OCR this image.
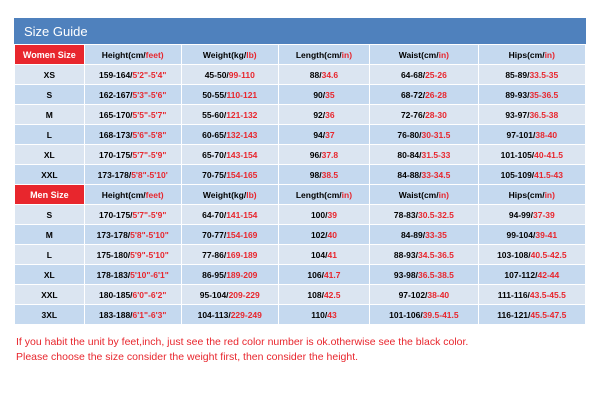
Size Guide
Women Size	Height(cm/feet)	Weight(kg/lb)	Length(cm/in)	Waist(cm/in)	Hips(cm/in)
XS	159-164/5'2"-5'4"	45-50/99-110	88/34.6	64-68/25-26	85-89/33.5-35
S	162-167/5'3"-5'6"	50-55/110-121	90/35	68-72/26-28	89-93/35-36.5
M	165-170/5'5"-5'7"	55-60/121-132	92/36	72-76/28-30	93-97/36.5-38
L	168-173/5'6"-5'8"	60-65/132-143	94/37	76-80/30-31.5	97-101/38-40
XL	170-175/5'7"-5'9"	65-70/143-154	96/37.8	80-84/31.5-33	101-105/40-41.5
XXL	173-178/5'8"-5'10'	70-75/154-165	98/38.5	84-88/33-34.5	105-109/41.5-43
Men Size	Height(cm/feet)	Weight(kg/lb)	Length(cm/in)	Waist(cm/in)	Hips(cm/in)
S	170-175/5'7"-5'9"	64-70/141-154	100/39	78-83/30.5-32.5	94-99/37-39
M	173-178/5'8"-5'10"	70-77/154-169	102/40	84-89/33-35	99-104/39-41
L	175-180/5'9"-5'10"	77-86/169-189	104/41	88-93/34.5-36.5	103-108/40.5-42.5
XL	178-183/5'10"-6'1"	86-95/189-209	106/41.7	93-98/36.5-38.5	107-112/42-44
XXL	180-185/6'0"-6'2"	95-104/209-229	108/42.5	97-102/38-40	111-116/43.5-45.5
3XL	183-188/6'1"-6'3"	104-113/229-249	110/43	101-106/39.5-41.5	116-121/45.5-47.5

If you habit the unit by feet,inch, just see the red color number is ok.otherwise see the black color.

Please choose the size consider the weight first, then consider the height.
